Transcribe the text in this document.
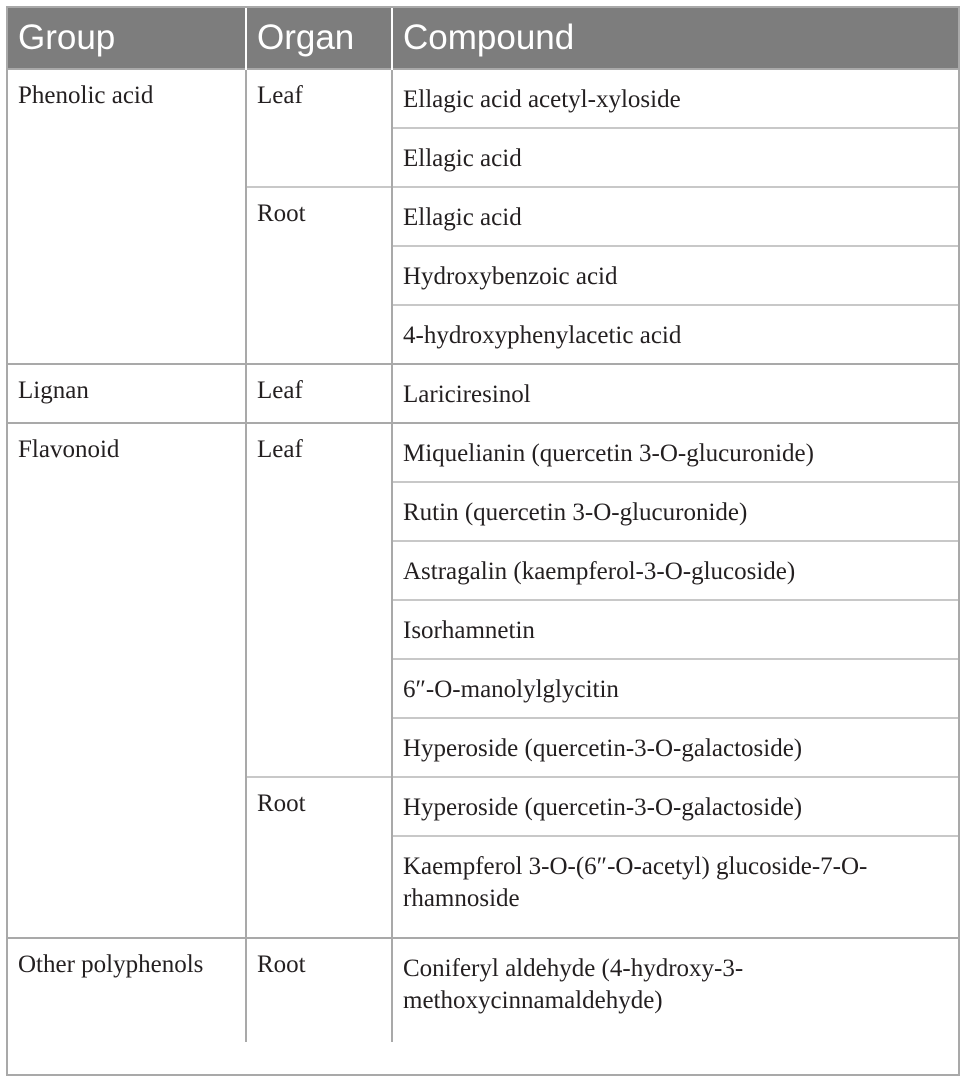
Group	Organ	Compound
Phenolic acid	Leaf	Ellagic acid acetyl-xyloside
		Ellagic acid
	Root	Ellagic acid
		Hydroxybenzoic acid
		4-hydroxyphenylacetic acid
Lignan	Leaf	Lariciresinol
Flavonoid	Leaf	Miquelianin (quercetin 3-O-glucuronide)
		Rutin (quercetin 3-O-glucuronide)
		Astragalin (kaempferol-3-O-glucoside)
		Isorhamnetin
		6″-O-manolylglycitin
		Hyperoside (quercetin-3-O-galactoside)
	Root	Hyperoside (quercetin-3-O-galactoside)
		Kaempferol 3-O-(6″-O-acetyl) glucoside-7-O-rhamnoside
Other polyphenols	Root	Coniferyl aldehyde (4-hydroxy-3-methoxycinnamaldehyde)
